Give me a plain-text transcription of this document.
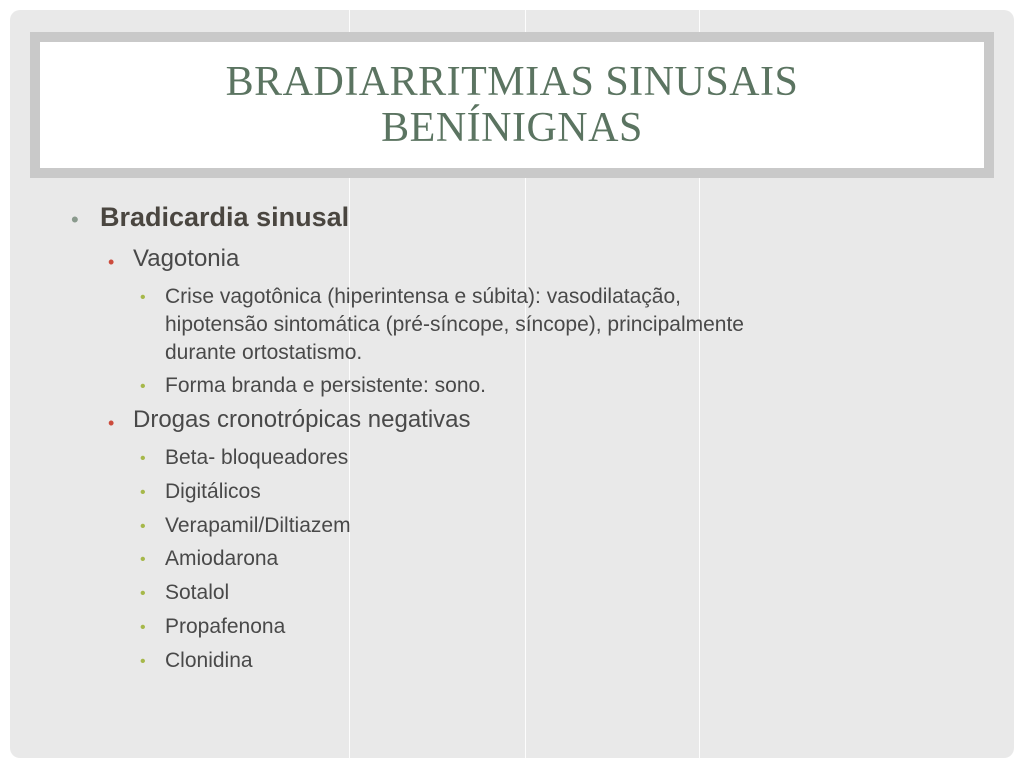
BRADIARRITMIAS SINUSAIS
BENÍNIGNAS
• Bradicardia sinusal
• Vagotonia
• Crise vagotônica (hiperintensa e súbita): vasodilatação,
hipotensão sintomática (pré-síncope, síncope), principalmente
durante ortostatismo.
• Forma branda e persistente: sono.
• Drogas cronotrópicas negativas
• Beta- bloqueadores
• Digitálicos
• Verapamil/Diltiazem
• Amiodarona
• Sotalol
• Propafenona
• Clonidina
